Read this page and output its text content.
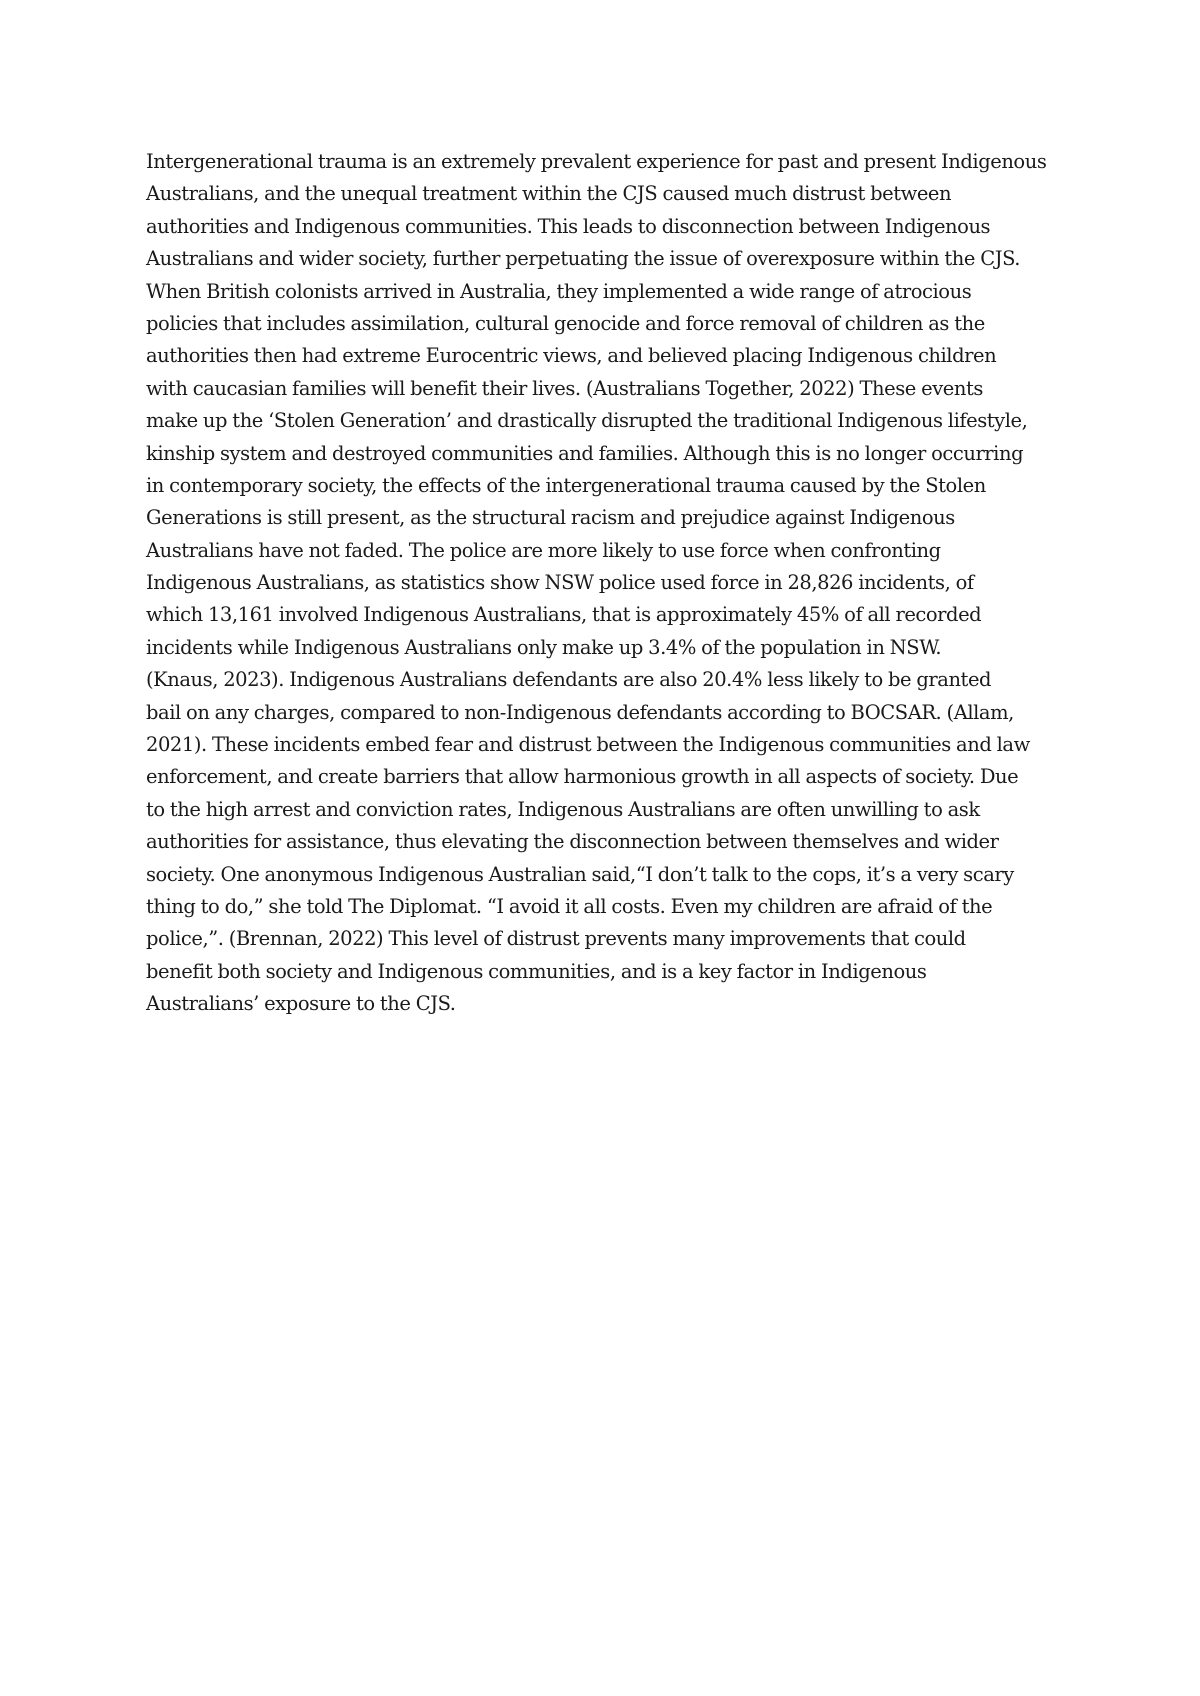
Intergenerational trauma is an extremely prevalent experience for past and present Indigenous
Australians, and the unequal treatment within the CJS caused much distrust between
authorities and Indigenous communities. This leads to disconnection between Indigenous
Australians and wider society, further perpetuating the issue of overexposure within the CJS.
When British colonists arrived in Australia, they implemented a wide range of atrocious
policies that includes assimilation, cultural genocide and force removal of children as the
authorities then had extreme Eurocentric views, and believed placing Indigenous children
with caucasian families will benefit their lives. (Australians Together, 2022) These events
make up the ‘Stolen Generation’ and drastically disrupted the traditional Indigenous lifestyle,
kinship system and destroyed communities and families. Although this is no longer occurring
in contemporary society, the effects of the intergenerational trauma caused by the Stolen
Generations is still present, as the structural racism and prejudice against Indigenous
Australians have not faded. The police are more likely to use force when confronting
Indigenous Australians, as statistics show NSW police used force in 28,826 incidents, of
which 13,161 involved Indigenous Australians, that is approximately 45% of all recorded
incidents while Indigenous Australians only make up 3.4% of the population in NSW.
(Knaus, 2023). Indigenous Australians defendants are also 20.4% less likely to be granted
bail on any charges, compared to non-Indigenous defendants according to BOCSAR. (Allam,
2021). These incidents embed fear and distrust between the Indigenous communities and law
enforcement, and create barriers that allow harmonious growth in all aspects of society. Due
to the high arrest and conviction rates, Indigenous Australians are often unwilling to ask
authorities for assistance, thus elevating the disconnection between themselves and wider
society. One anonymous Indigenous Australian said,“I don’t talk to the cops, it’s a very scary
thing to do,” she told The Diplomat. “I avoid it all costs. Even my children are afraid of the
police,”. (Brennan, 2022) This level of distrust prevents many improvements that could
benefit both society and Indigenous communities, and is a key factor in Indigenous
Australians’ exposure to the CJS.
